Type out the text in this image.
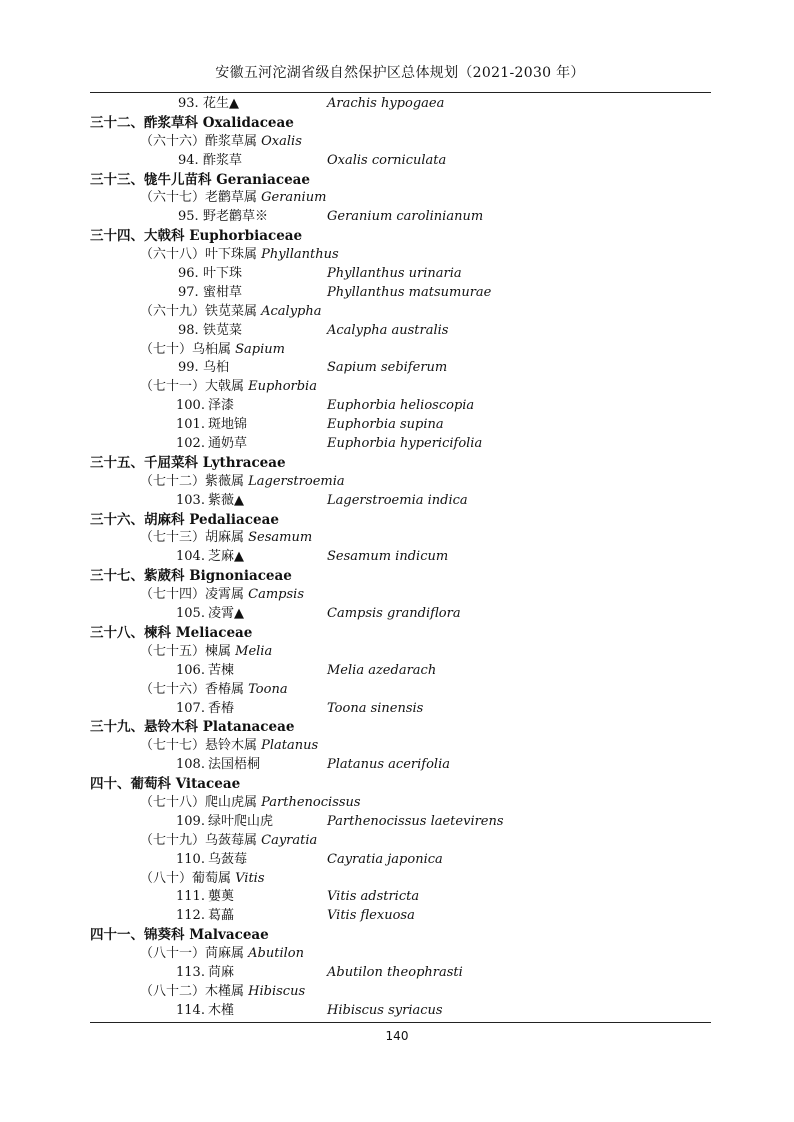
安徽五河沱湖省级自然保护区总体规划（2021-2030 年）
93. 花生▲	Arachis hypogaea
三十二、酢浆草科 Oxalidaceae
（六十六）酢浆草属 Oxalis
94. 酢浆草	Oxalis corniculata
三十三、牻牛儿苗科 Geraniaceae
（六十七）老鹳草属 Geranium
95. 野老鹳草※	Geranium carolinianum
三十四、大戟科 Euphorbiaceae
（六十八）叶下珠属 Phyllanthus
96. 叶下珠	Phyllanthus urinaria
97. 蜜柑草	Phyllanthus matsumurae
（六十九）铁苋菜属 Acalypha
98. 铁苋菜	Acalypha australis
（七十）乌桕属 Sapium
99. 乌桕	Sapium sebiferum
（七十一）大戟属 Euphorbia
100. 泽漆	Euphorbia helioscopia
101. 斑地锦	Euphorbia supina
102. 通奶草	Euphorbia hypericifolia
三十五、千屈菜科 Lythraceae
（七十二）紫薇属 Lagerstroemia
103. 紫薇▲	Lagerstroemia indica
三十六、胡麻科 Pedaliaceae
（七十三）胡麻属 Sesamum
104. 芝麻▲	Sesamum indicum
三十七、紫葳科 Bignoniaceae
（七十四）凌霄属 Campsis
105. 凌霄▲	Campsis grandiflora
三十八、楝科 Meliaceae
（七十五）楝属 Melia
106. 苦楝	Melia azedarach
（七十六）香椿属 Toona
107. 香椿	Toona sinensis
三十九、悬铃木科 Platanaceae
（七十七）悬铃木属 Platanus
108. 法国梧桐	Platanus acerifolia
四十、葡萄科 Vitaceae
（七十八）爬山虎属 Parthenocissus
109. 绿叶爬山虎	Parthenocissus laetevirens
（七十九）乌蔹莓属 Cayratia
110. 乌蔹莓	Cayratia japonica
（八十）葡萄属 Vitis
111. 蘡薁	Vitis adstricta
112. 葛藟	Vitis flexuosa
四十一、锦葵科 Malvaceae
（八十一）苘麻属 Abutilon
113. 苘麻	Abutilon theophrasti
（八十二）木槿属 Hibiscus
114. 木槿	Hibiscus syriacus
140
